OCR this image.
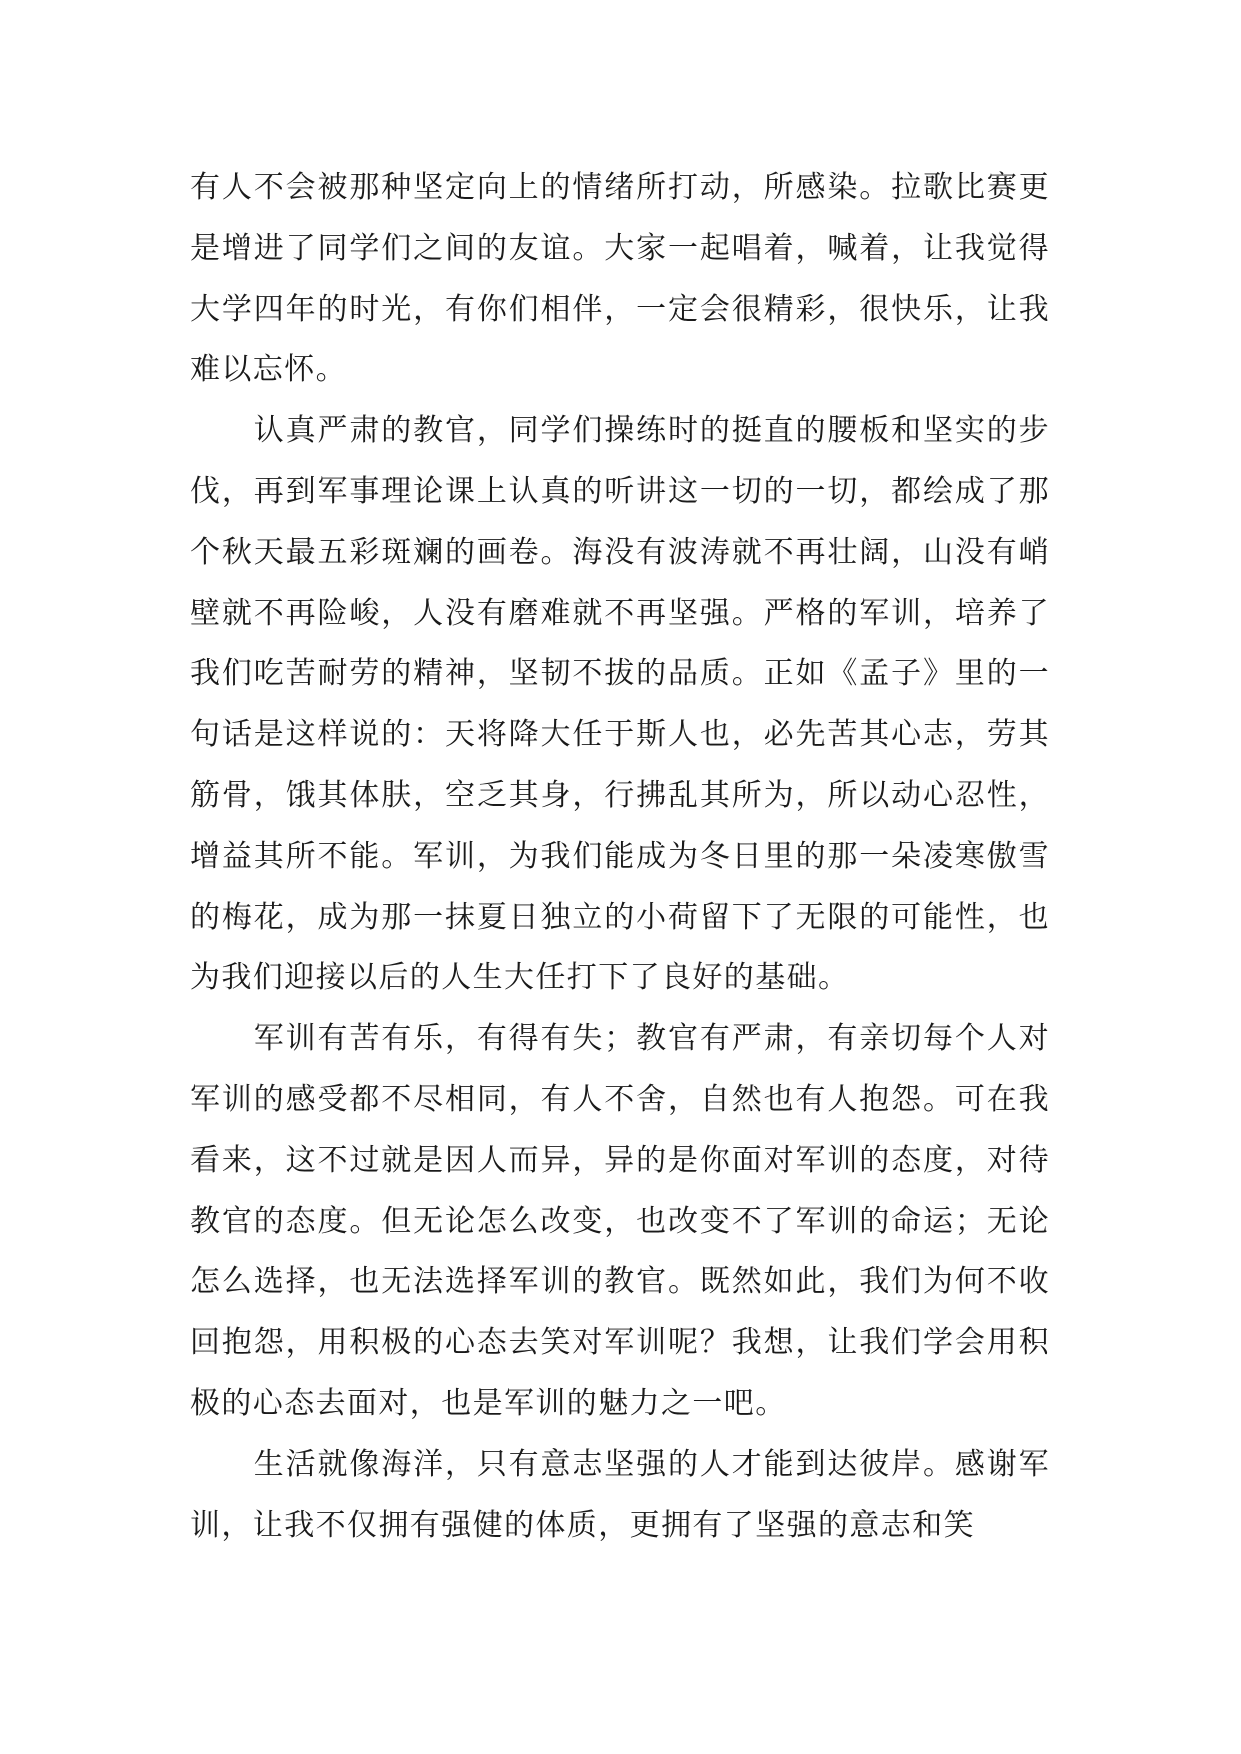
有人不会被那种坚定向上的情绪所打动，所感染。拉歌比赛更是增进了同学们之间的友谊。大家一起唱着，喊着，让我觉得大学四年的时光，有你们相伴，一定会很精彩，很快乐，让我难以忘怀。

　　认真严肃的教官，同学们操练时的挺直的腰板和坚实的步伐，再到军事理论课上认真的听讲这一切的一切，都绘成了那个秋天最五彩斑斓的画卷。海没有波涛就不再壮阔，山没有峭壁就不再险峻，人没有磨难就不再坚强。严格的军训，培养了我们吃苦耐劳的精神，坚韧不拔的品质。正如《孟子》里的一句话是这样说的：天将降大任于斯人也，必先苦其心志，劳其筋骨，饿其体肤，空乏其身，行拂乱其所为，所以动心忍性，增益其所不能。军训，为我们能成为冬日里的那一朵凌寒傲雪的梅花，成为那一抹夏日独立的小荷留下了无限的可能性，也为我们迎接以后的人生大任打下了良好的基础。

　　军训有苦有乐，有得有失；教官有严肃，有亲切每个人对军训的感受都不尽相同，有人不舍，自然也有人抱怨。可在我看来，这不过就是因人而异，异的是你面对军训的态度，对待教官的态度。但无论怎么改变，也改变不了军训的命运；无论怎么选择，也无法选择军训的教官。既然如此，我们为何不收回抱怨，用积极的心态去笑对军训呢？我想，让我们学会用积极的心态去面对，也是军训的魅力之一吧。

　　生活就像海洋，只有意志坚强的人才能到达彼岸。感谢军训，让我不仅拥有强健的体质，更拥有了坚强的意志和笑
